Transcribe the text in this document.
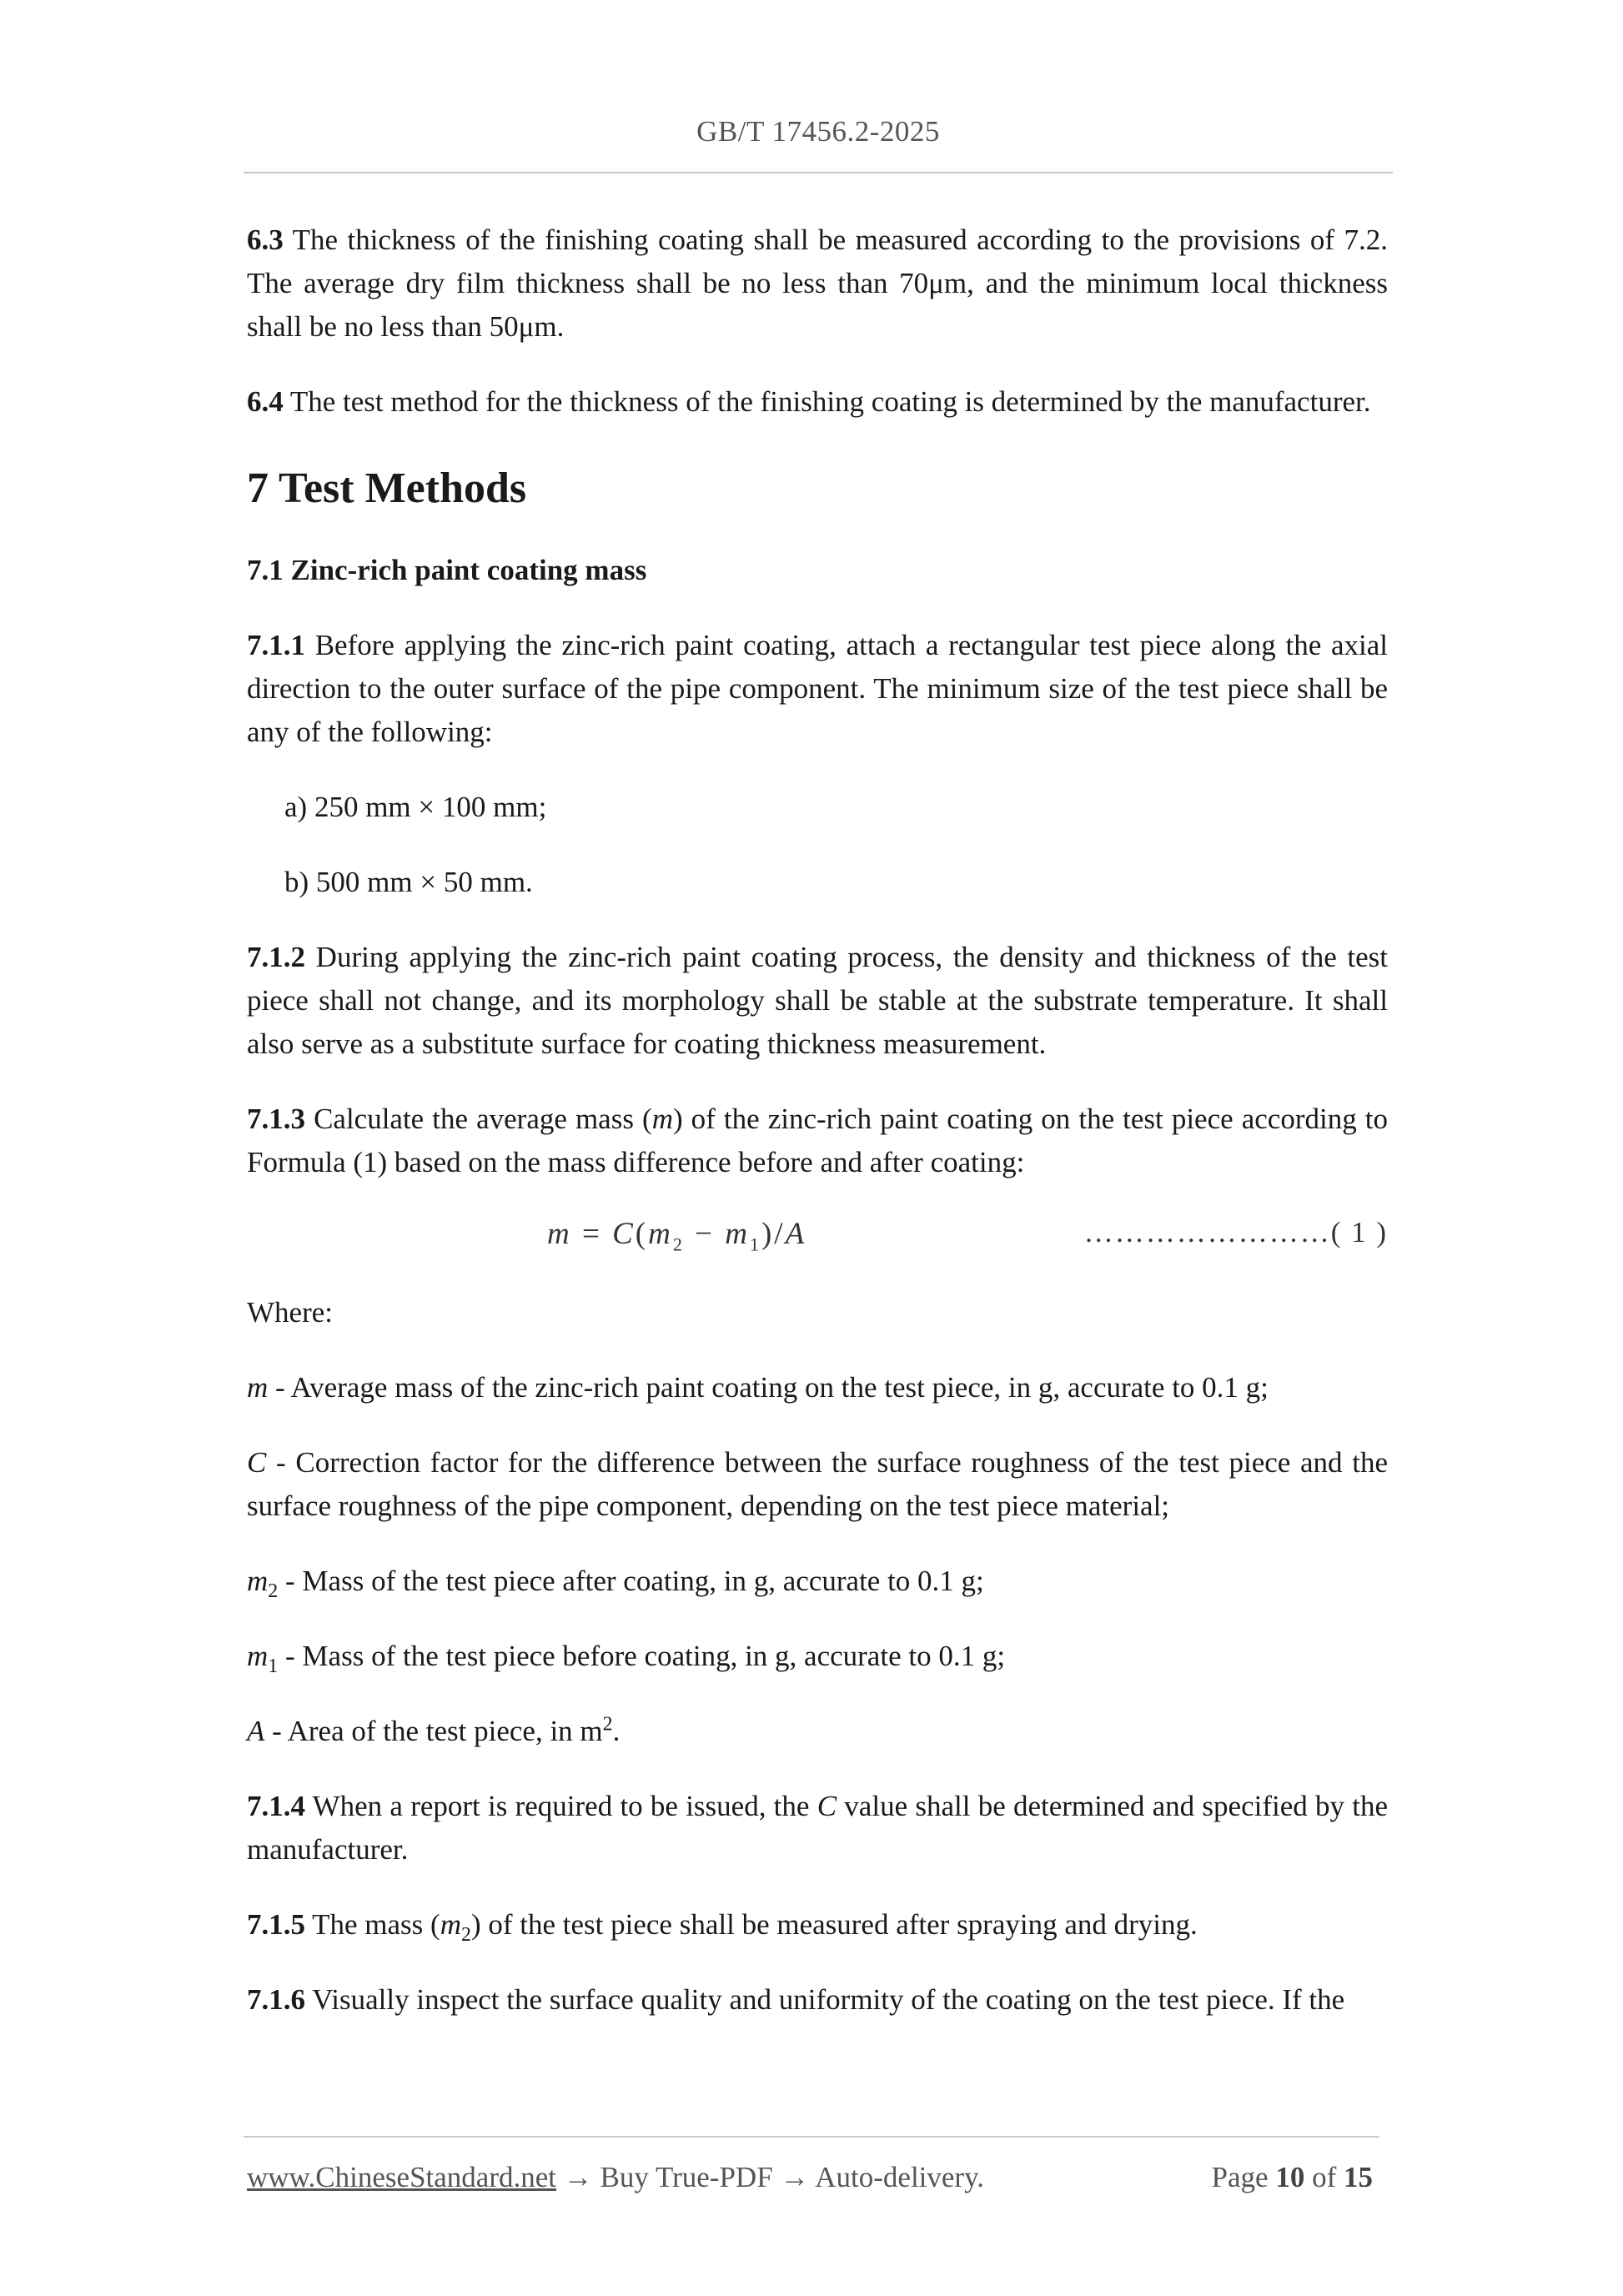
GB/T 17456.2-2025

6.3 The thickness of the finishing coating shall be measured according to the provisions of 7.2. The average dry film thickness shall be no less than 70μm, and the minimum local thickness shall be no less than 50μm.

6.4 The test method for the thickness of the finishing coating is determined by the manufacturer.

7 Test Methods
7.1 Zinc-rich paint coating mass

7.1.1 Before applying the zinc-rich paint coating, attach a rectangular test piece along the axial direction to the outer surface of the pipe component. The minimum size of the test piece shall be any of the following:

a) 250 mm × 100 mm;
b) 500 mm × 50 mm.

7.1.2 During applying the zinc-rich paint coating process, the density and thickness of the test piece shall not change, and its morphology shall be stable at the substrate temperature. It shall also serve as a substitute surface for coating thickness measurement.

7.1.3 Calculate the average mass (m) of the zinc-rich paint coating on the test piece according to Formula (1) based on the mass difference before and after coating:

$m = C(m_2 - m_1)/A$	……………………( 1 )

Where:

m - Average mass of the zinc-rich paint coating on the test piece, in g, accurate to 0.1 g;

C - Correction factor for the difference between the surface roughness of the test piece and the surface roughness of the pipe component, depending on the test piece material;

$m_2$ - Mass of the test piece after coating, in g, accurate to 0.1 g;

$m_1$ - Mass of the test piece before coating, in g, accurate to 0.1 g;

A - Area of the test piece, in $m^2$.

7.1.4 When a report is required to be issued, the C value shall be determined and specified by the manufacturer.

7.1.5 The mass $(m_2)$ of the test piece shall be measured after spraying and drying.

7.1.6 Visually inspect the surface quality and uniformity of the coating on the test piece. If the

www.ChineseStandard.net → Buy True-PDF → Auto-delivery.	Page 10 of 15
